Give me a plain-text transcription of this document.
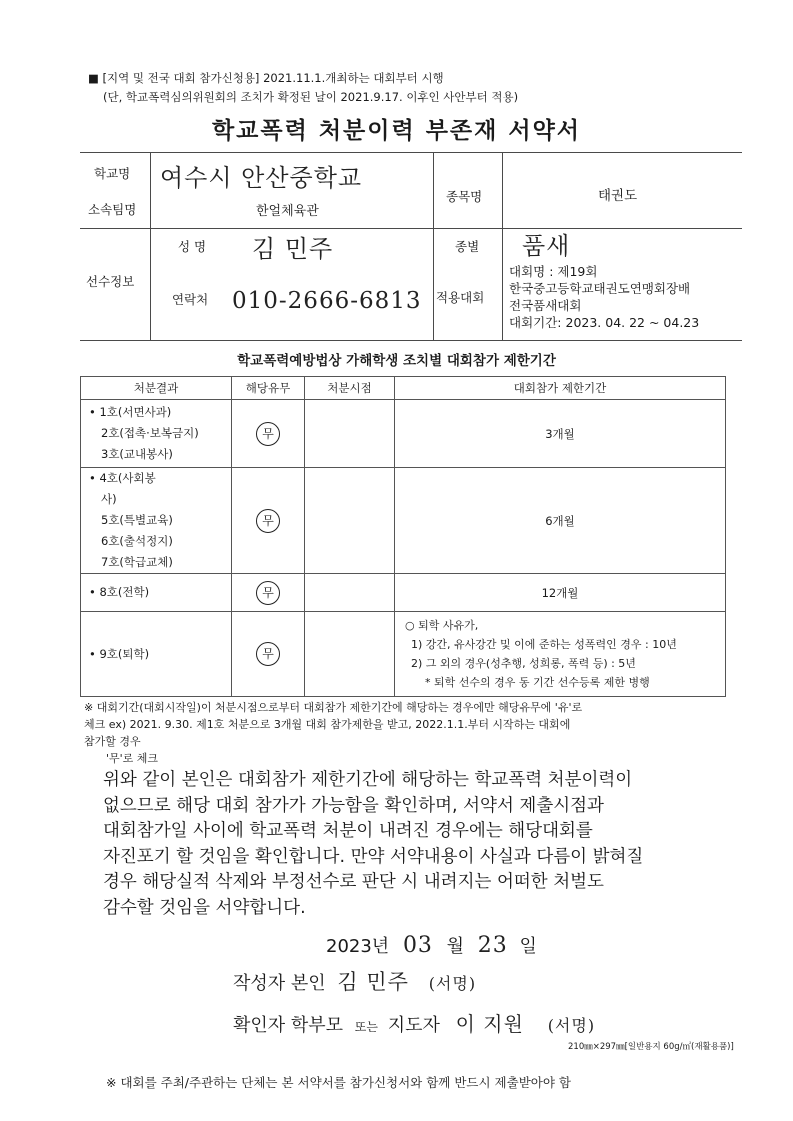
■ [지역 및 전국 대회 참가신청용] 2021.11.1.개최하는 대회부터 시행
(단, 학교폭력심의위원회의 조치가 확정된 날이 2021.9.17. 이후인 사안부터 적용)
학교폭력 처분이력 부존재 서약서
학교명 여수시 안산중학교
소속팀명	한얼체육관
종목명	태권도
선수정보
성 명 김 민주	종별 품새
연락처 010-2666-6813 적용대회
대회명 : 제19회
한국중고등학교태권도연맹회장배
전국품새대회
대회기간: 2023. 04. 22 ~ 04.23
학교폭력예방법상 가해학생 조치별 대회참가 제한기간
처분결과	해당유무	처분시점	대회참가 제한기간

• 1호(서면사과)
2호(접촉·보복금지)
3호(교내봉사)	무		3개월

• 4호(사회봉
사)
5호(특별교육)
6호(출석정지)
7호(학급교체)	무		6개월

• 8호(전학)	무		12개월

• 9호(퇴학)	무		○ 퇴학 사유가,
1) 강간, 유사강간 및 이에 준하는 성폭력인 경우 : 10년
2) 그 외의 경우(성추행, 성희롱, 폭력 등) : 5년
* 퇴학 선수의 경우 동 기간 선수등록 제한 병행
※ 대회기간(대회시작일)이 처분시점으로부터 대회참가 제한기간에 해당하는 경우에만 해당유무에 '유'로
체크 ex) 2021. 9.30. 제1호 처분으로 3개월 대회 참가제한을 받고, 2022.1.1.부터 시작하는 대회에
참가할 경우
'무'로 체크
위와 같이 본인은 대회참가 제한기간에 해당하는 학교폭력 처분이력이
없으므로 해당 대회 참가가 가능함을 확인하며, 서약서 제출시점과
대회참가일 사이에 학교폭력 처분이 내려진 경우에는 해당대회를
자진포기 할 것임을 확인합니다. 만약 서약내용이 사실과 다름이 밝혀질
경우 해당실적 삭제와 부정선수로 판단 시 내려지는 어떠한 처벌도
감수할 것임을 서약합니다.
2023년 03 월 23 일
작성자 본인 김 민주 (서명)
확인자 학부모 또는 지도자 이 지원 (서명)
210㎜×297㎜[일반용지 60g/㎡(재활용품)]
※ 대회를 주최/주관하는 단체는 본 서약서를 참가신청서와 함께 반드시 제출받아야 함
